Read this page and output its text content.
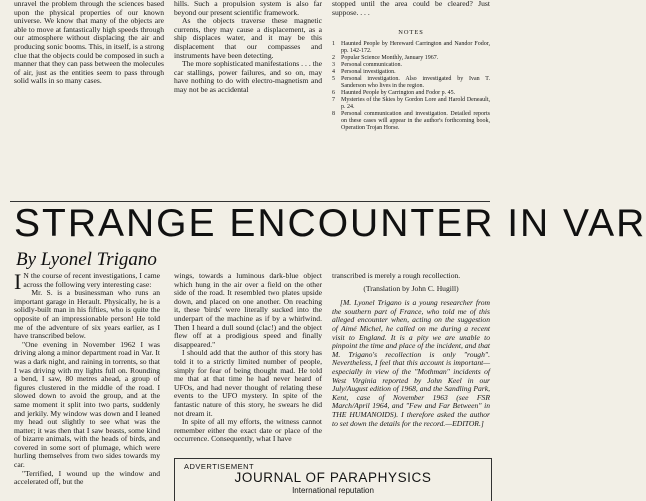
unravel the problem through the sciences based upon the physical properties of our known universe. We know that many of the objects are able to move at fantastically high speeds through our atmosphere without displacing the air and producing sonic booms. This, in itself, is a strong clue that the objects could be composed in such a manner that they can pass between the molecules of air, just as the entities seem to pass through solid walls in so many cases.

hills. Such a propulsion system is also far beyond our present scientific framework.

As the objects traverse these magnetic currents, they may cause a displacement, as a ship displaces water, and it may be this displacement that our compasses and instruments have been detecting.

The more sophisticated manifestations . . . the car stallings, power failures, and so on, may have nothing to do with electro-magnetism and may not be as accidental

stopped until the area could be cleared? Just suppose. . . .

NOTES
1	Haunted People by Hereward Carrington and Nandor Fodor, pp. 142-172.
2	Popular Science Monthly, January 1967.
3	Personal communication.
4	Personal investigation.
5	Personal investigation. Also investigated by Ivan T. Sanderson who lives in the region.
6	Haunted People by Carrington and Fodor p. 45.
7	Mysteries of the Skies by Gordon Lore and Harold Deneault, p. 24.
8	Personal communication and investigation. Detailed reports on these cases will appear in the author's forthcoming book, Operation Trojan Horse.
STRANGE ENCOUNTER IN VAR
By Lyonel Trigano

I N the course of recent investigations, I came across the following very interesting case:

Mr. S. is a businessman who runs an important garage in Herault. Physically, he is a solidly-built man in his fifties, who is quite the opposite of an impressionable person! He told me of the adventure of six years earlier, as I have transcribed below.

"One evening in November 1962 I was driving along a minor department road in Var. It was a dark night, and raining in torrents, so that I was driving with my lights full on. Rounding a bend, I saw, 80 metres ahead, a group of figures clustered in the middle of the road. I slowed down to avoid the group, and at the same moment it split into two parts, suddenly and jerkily. My window was down and I leaned my head out slightly to see what was the matter; it was then that I saw beasts, some kind of bizarre animals, with the heads of birds, and covered in some sort of plumage, which were hurling themselves from two sides towards my car.

"Terrified, I wound up the window and accelerated off, but the

wings, towards a luminous dark-blue object which hung in the air over a field on the other side of the road. It resembled two plates upside down, and placed on one another. On reaching it, these 'birds' were literally sucked into the underpart of the machine as if by a whirlwind. Then I heard a dull sound (clac!) and the object flew off at a prodigious speed and finally disappeared."

I should add that the author of this story has told it to a strictly limited number of people, simply for fear of being thought mad. He told me that at that time he had never heard of UFOs, and had never thought of relating these events to the UFO mystery. In spite of the fantastic nature of this story, he swears he did not dream it.

In spite of all my efforts, the witness cannot remember either the exact date or place of the occurrence. Consequently, what I have

transcribed is merely a rough recollection.

(Translation by John C. Hugill)

[M. Lyonel Trigano is a young researcher from the southern part of France, who told me of this alleged encounter when, acting on the suggestion of Aimé Michel, he called on me during a recent visit to England. It is a pity we are unable to pinpoint the time and place of the incident, and that M. Trigano's recollection is only "rough". Nevertheless, I feel that this account is important—especially in view of the "Mothman" incidents of West Virginia reported by John Keel in our July/August edition of 1968, and the Sandling Park, Kent, case of November 1963 (see FSR March/April 1964, and "Few and Far Between" in THE HUMANOIDS). I therefore asked the author to set down the details for the record.—EDITOR.]

ADVERTISEMENT
JOURNAL OF PARAPHYSICS
International reputation
